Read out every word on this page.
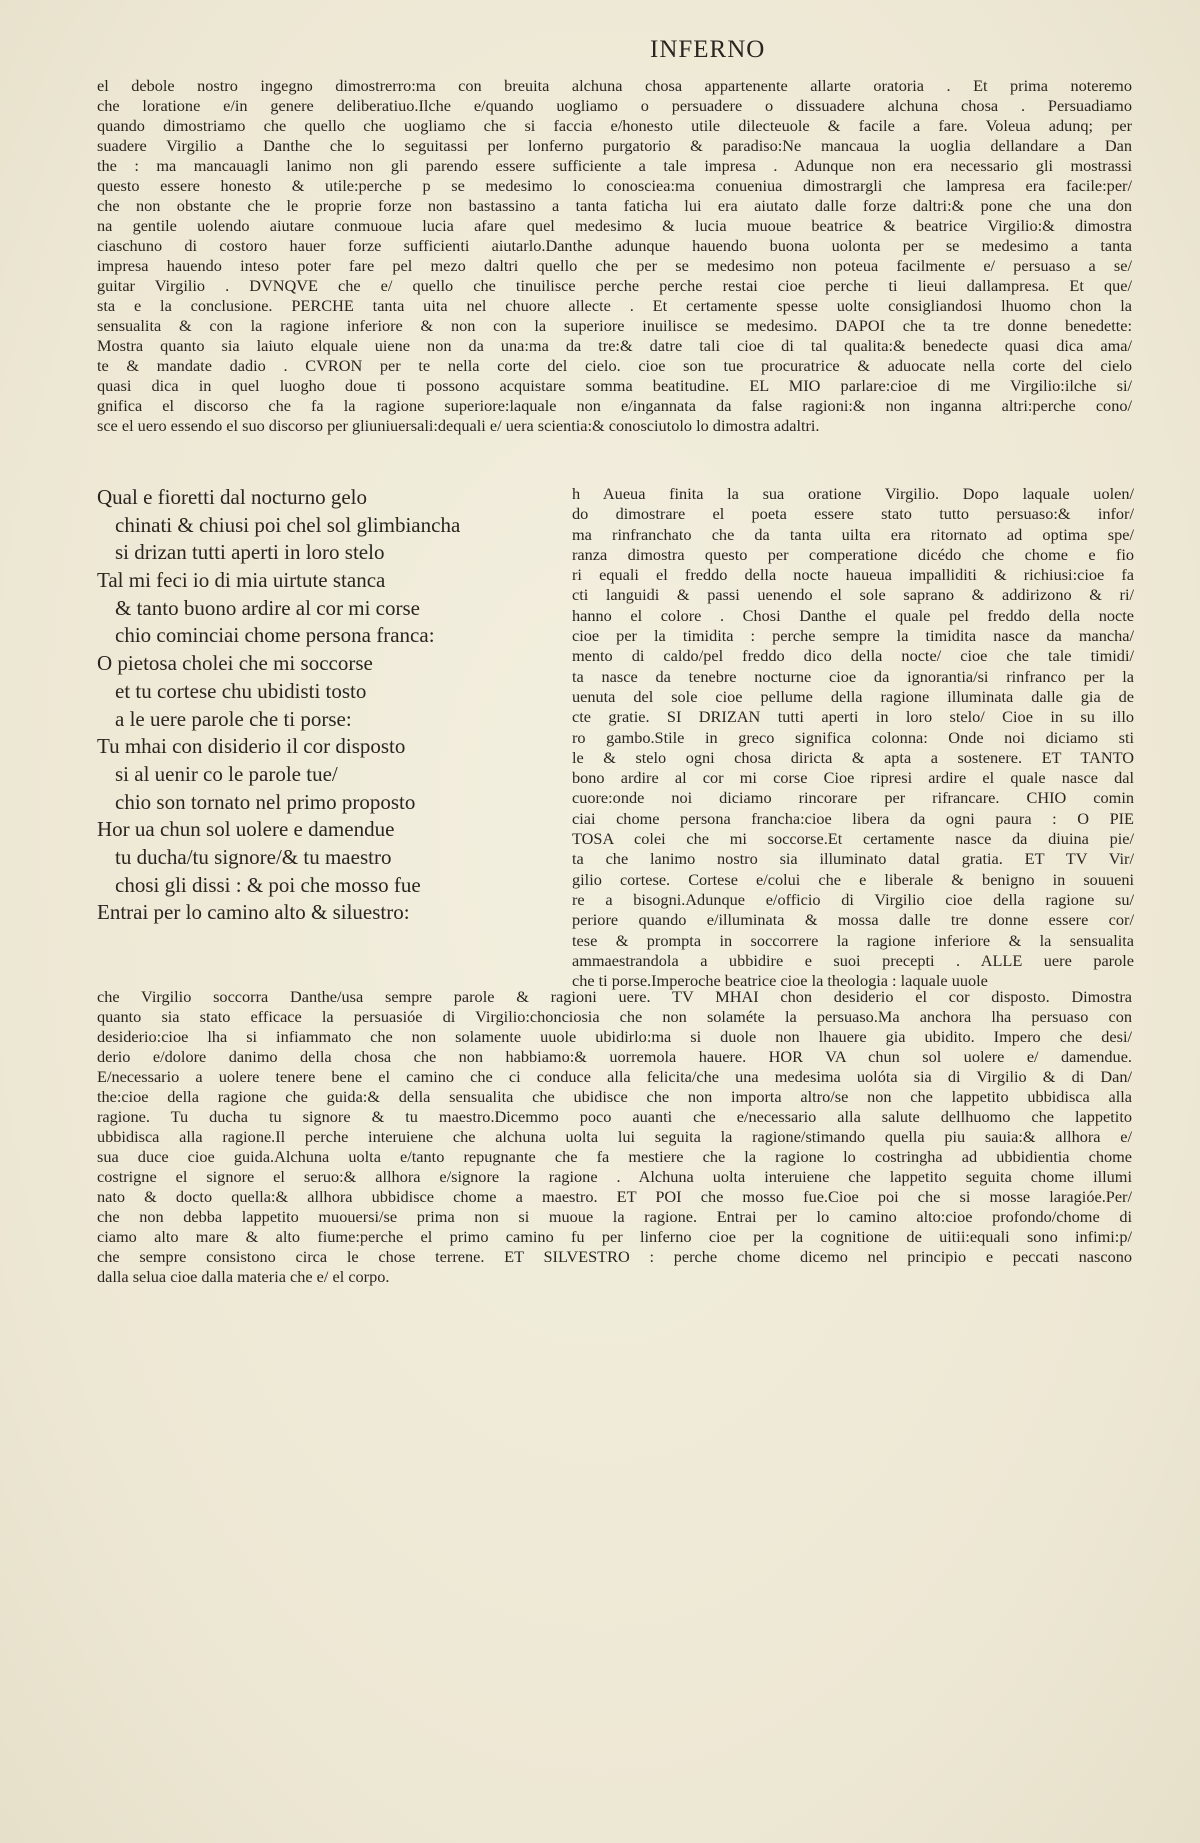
INFERNO
el debole nostro ingegno dimostrerro:ma con breuita alchuna chosa appartenente allarte oratoria . Et prima noteremo
che loratione e/in genere deliberatiuo.Ilche e/quando uogliamo o persuadere o dissuadere alchuna chosa . Persuadiamo
quando dimostriamo che quello che uogliamo che si faccia e/honesto utile dilecteuole & facile a fare. Voleua adunq; per
suadere Virgilio a Danthe che lo seguitassi per lonferno purgatorio & paradiso:Ne mancaua la uoglia dellandare a Dan
the : ma mancauagli lanimo non gli parendo essere sufficiente a tale impresa . Adunque non era necessario gli mostrassi
questo essere honesto & utile:perche p se medesimo lo conosciea:ma conueniua dimostrargli che lampresa era facile:per/
che non obstante che le proprie forze non bastassino a tanta faticha lui era aiutato dalle forze daltri:& pone che una don
na gentile uolendo aiutare conmuoue lucia afare quel medesimo & lucia muoue beatrice & beatrice Virgilio:& dimostra
ciaschuno di costoro hauer forze sufficienti aiutarlo.Danthe adunque hauendo buona uolonta per se medesimo a tanta
impresa hauendo inteso poter fare pel mezo daltri quello che per se medesimo non poteua facilmente e/ persuaso a se/
guitar Virgilio . DVNQVE che e/ quello che tinuilisce perche perche restai cioe perche ti lieui dallampresa. Et que/
sta e la conclusione. PERCHE tanta uita nel chuore allecte . Et certamente spesse uolte consigliandosi lhuomo chon la
sensualita & con la ragione inferiore & non con la superiore inuilisce se medesimo. DAPOI che ta tre donne benedette:
Mostra quanto sia laiuto elquale uiene non da una:ma da tre:& datre tali cioe di tal qualita:& benedecte quasi dica ama/
te & mandate dadio . CVRON per te nella corte del cielo. cioe son tue procuratrice & aduocate nella corte del cielo
quasi dica in quel luogho doue ti possono acquistare somma beatitudine. EL MIO parlare:cioe di me Virgilio:ilche si/
gnifica el discorso che fa la ragione superiore:laquale non e/ingannata da false ragioni:& non inganna altri:perche cono/
sce el uero essendo el suo discorso per gliuniuersali:dequali e/ uera scientia:& conosciutolo lo dimostra adaltri.
Qual e fioretti dal nocturno gelo
chinati & chiusi poi chel sol glimbiancha
si drizan tutti aperti in loro stelo
Tal mi feci io di mia uirtute stanca
& tanto buono ardire al cor mi corse
chio cominciai chome persona franca:
O pietosa cholei che mi soccorse
et tu cortese chu ubidisti tosto
a le uere parole che ti porse:
Tu mhai con disiderio il cor disposto
si al uenir co le parole tue/
chio son tornato nel primo proposto
Hor ua chun sol uolere e damendue
tu ducha/tu signore/& tu maestro
chosi gli dissi : & poi che mosso fue
Entrai per lo camino alto & siluestro:
h Aueua finita la sua oratione Virgilio. Dopo laquale uolen/
do dimostrare el poeta essere stato tutto persuaso:& infor/
ma rinfranchato che da tanta uilta era ritornato ad optima spe/
ranza dimostra questo per comperatione dicédo che chome e fio
ri equali el freddo della nocte haueua impalliditi & richiusi:cioe fa
cti languidi & passi uenendo el sole saprano & addirizono & ri/
hanno el colore . Chosi Danthe el quale pel freddo della nocte
cioe per la timidita : perche sempre la timidita nasce da mancha/
mento di caldo/pel freddo dico della nocte/ cioe che tale timidi/
ta nasce da tenebre nocturne cioe da ignorantia/si rinfranco per la
uenuta del sole cioe pellume della ragione illuminata dalle gia de
cte gratie. SI DRIZAN tutti aperti in loro stelo/ Cioe in su illo
ro gambo.Stile in greco significa colonna: Onde noi diciamo sti
le & stelo ogni chosa diricta & apta a sostenere. ET TANTO
bono ardire al cor mi corse Cioe ripresi ardire el quale nasce dal
cuore:onde noi diciamo rincorare per rifrancare. CHIO comin
ciai chome persona francha:cioe libera da ogni paura : O PIE
TOSA colei che mi soccorse.Et certamente nasce da diuina pie/
ta che lanimo nostro sia illuminato datal gratia. ET TV Vir/
gilio cortese. Cortese e/colui che e liberale & benigno in souueni
re a bisogni.Adunque e/officio di Virgilio cioe della ragione su/
periore quando e/illuminata & mossa dalle tre donne essere cor/
tese & prompta in soccorrere la ragione inferiore & la sensualita
ammaestrandola a ubbidire e suoi precepti . ALLE uere parole
che ti porse.Imperoche beatrice cioe la theologia : laquale uuole
che Virgilio soccorra Danthe/usa sempre parole & ragioni uere. TV MHAI chon desiderio el cor disposto. Dimostra
quanto sia stato efficace la persuasióe di Virgilio:chonciosia che non solaméte la persuaso.Ma anchora lha persuaso con
desiderio:cioe lha si infiammato che non solamente uuole ubidirlo:ma si duole non lhauere gia ubidito. Impero che desi/
derio e/dolore danimo della chosa che non habbiamo:& uorremola hauere. HOR VA chun sol uolere e/ damendue.
E/necessario a uolere tenere bene el camino che ci conduce alla felicita/che una medesima uolóta sia di Virgilio & di Dan/
the:cioe della ragione che guida:& della sensualita che ubidisce che non importa altro/se non che lappetito ubbidisca alla
ragione. Tu ducha tu signore & tu maestro.Dicemmo poco auanti che e/necessario alla salute dellhuomo che lappetito
ubbidisca alla ragione.Il perche interuiene che alchuna uolta lui seguita la ragione/stimando quella piu sauia:& allhora e/
sua duce cioe guida.Alchuna uolta e/tanto repugnante che fa mestiere che la ragione lo costringha ad ubbidientia chome
costrigne el signore el seruo:& allhora e/signore la ragione . Alchuna uolta interuiene che lappetito seguita chome illumi
nato & docto quella:& allhora ubbidisce chome a maestro. ET POI che mosso fue.Cioe poi che si mosse laragióe.Per/
che non debba lappetito muouersi/se prima non si muoue la ragione. Entrai per lo camino alto:cioe profondo/chome di
ciamo alto mare & alto fiume:perche el primo camino fu per linferno cioe per la cognitione de uitii:equali sono infimi:p/
che sempre consistono circa le chose terrene. ET SILVESTRO : perche chome dicemo nel principio e peccati nascono
dalla selua cioe dalla materia che e/ el corpo.
